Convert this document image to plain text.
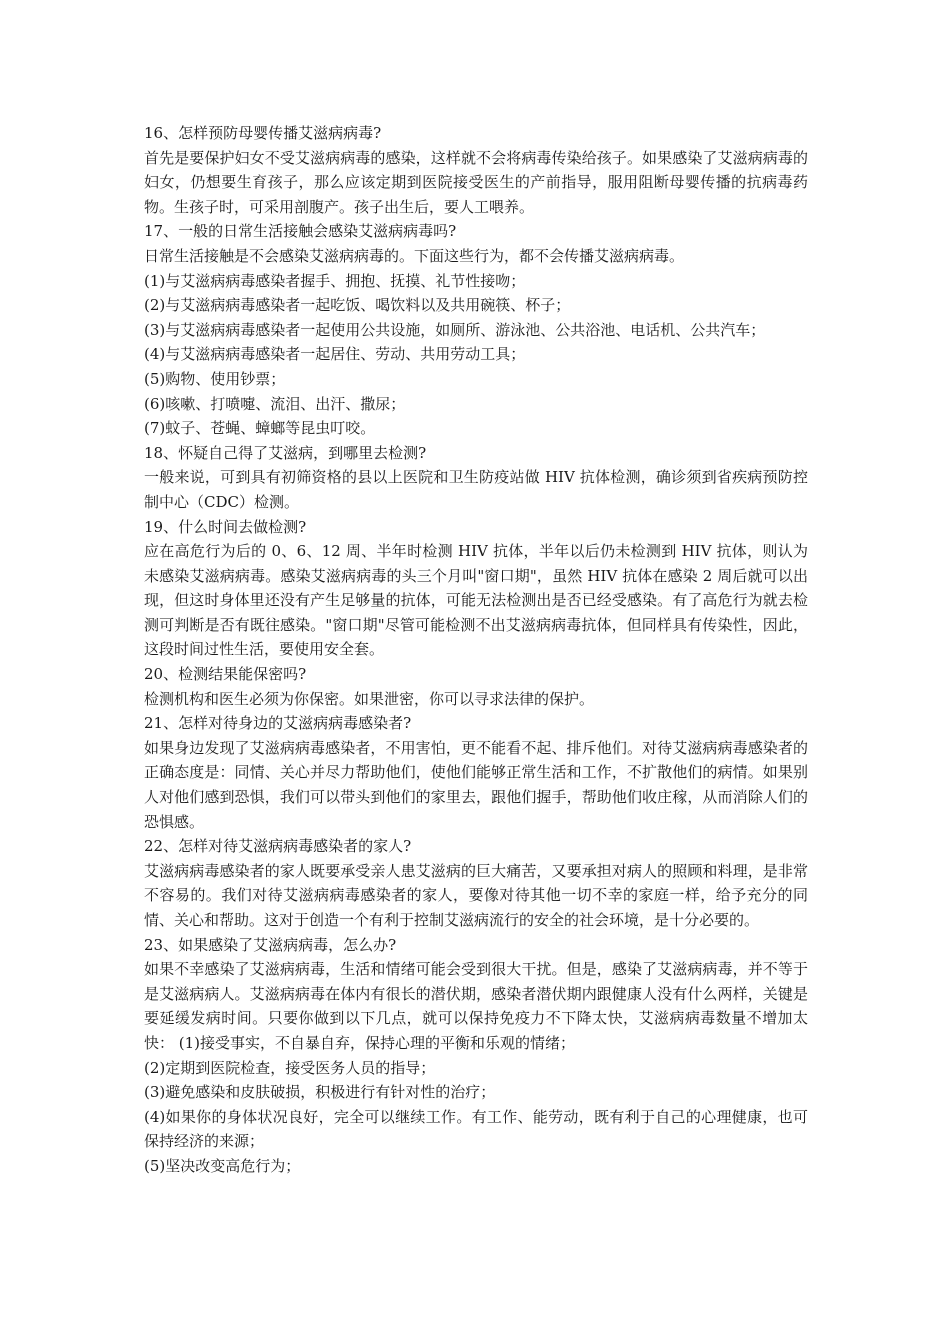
16、怎样预防母婴传播艾滋病病毒?

首先是要保护妇女不受艾滋病病毒的感染，这样就不会将病毒传染给孩子。如果感染了艾滋病病毒的妇女，仍想要生育孩子，那么应该定期到医院接受医生的产前指导，服用阻断母婴传播的抗病毒药物。生孩子时，可采用剖腹产。孩子出生后，要人工喂养。

17、一般的日常生活接触会感染艾滋病病毒吗?

日常生活接触是不会感染艾滋病病毒的。下面这些行为，都不会传播艾滋病病毒。

(1)与艾滋病病毒感染者握手、拥抱、抚摸、礼节性接吻；

(2)与艾滋病病毒感染者一起吃饭、喝饮料以及共用碗筷、杯子；

(3)与艾滋病病毒感染者一起使用公共设施，如厕所、游泳池、公共浴池、电话机、公共汽车；

(4)与艾滋病病毒感染者一起居住、劳动、共用劳动工具；

(5)购物、使用钞票；

(6)咳嗽、打喷嚏、流泪、出汗、撒尿；

(7)蚊子、苍蝇、蟑螂等昆虫叮咬。

18、怀疑自己得了艾滋病，到哪里去检测?

一般来说，可到具有初筛资格的县以上医院和卫生防疫站做 HIV 抗体检测，确诊须到省疾病预防控制中心（CDC）检测。

19、什么时间去做检测?

应在高危行为后的 0、6、12 周、半年时检测 HIV 抗体，半年以后仍未检测到 HIV 抗体，则认为未感染艾滋病病毒。感染艾滋病病毒的头三个月叫"窗口期"，虽然 HIV 抗体在感染 2 周后就可以出现，但这时身体里还没有产生足够量的抗体，可能无法检测出是否已经受感染。有了高危行为就去检测可判断是否有既往感染。"窗口期"尽管可能检测不出艾滋病病毒抗体，但同样具有传染性，因此，这段时间过性生活，要使用安全套。

20、检测结果能保密吗?

检测机构和医生必须为你保密。如果泄密，你可以寻求法律的保护。

21、怎样对待身边的艾滋病病毒感染者?

如果身边发现了艾滋病病毒感染者，不用害怕，更不能看不起、排斥他们。对待艾滋病病毒感染者的正确态度是：同情、关心并尽力帮助他们，使他们能够正常生活和工作，不扩散他们的病情。如果别人对他们感到恐惧，我们可以带头到他们的家里去，跟他们握手，帮助他们收庄稼，从而消除人们的恐惧感。

22、怎样对待艾滋病病毒感染者的家人?

艾滋病病毒感染者的家人既要承受亲人患艾滋病的巨大痛苦，又要承担对病人的照顾和料理，是非常不容易的。我们对待艾滋病病毒感染者的家人，要像对待其他一切不幸的家庭一样，给予充分的同情、关心和帮助。这对于创造一个有利于控制艾滋病流行的安全的社会环境，是十分必要的。

23、如果感染了艾滋病病毒，怎么办?

如果不幸感染了艾滋病病毒，生活和情绪可能会受到很大干扰。但是，感染了艾滋病病毒，并不等于是艾滋病病人。艾滋病病毒在体内有很长的潜伏期，感染者潜伏期内跟健康人没有什么两样，关键是要延缓发病时间。只要你做到以下几点，就可以保持免疫力不下降太快，艾滋病病毒数量不增加太快： (1)接受事实，不自暴自弃，保持心理的平衡和乐观的情绪；

(2)定期到医院检查，接受医务人员的指导；

(3)避免感染和皮肤破损，积极进行有针对性的治疗；

(4)如果你的身体状况良好，完全可以继续工作。有工作、能劳动，既有利于自己的心理健康，也可保持经济的来源；

(5)坚决改变高危行为；
